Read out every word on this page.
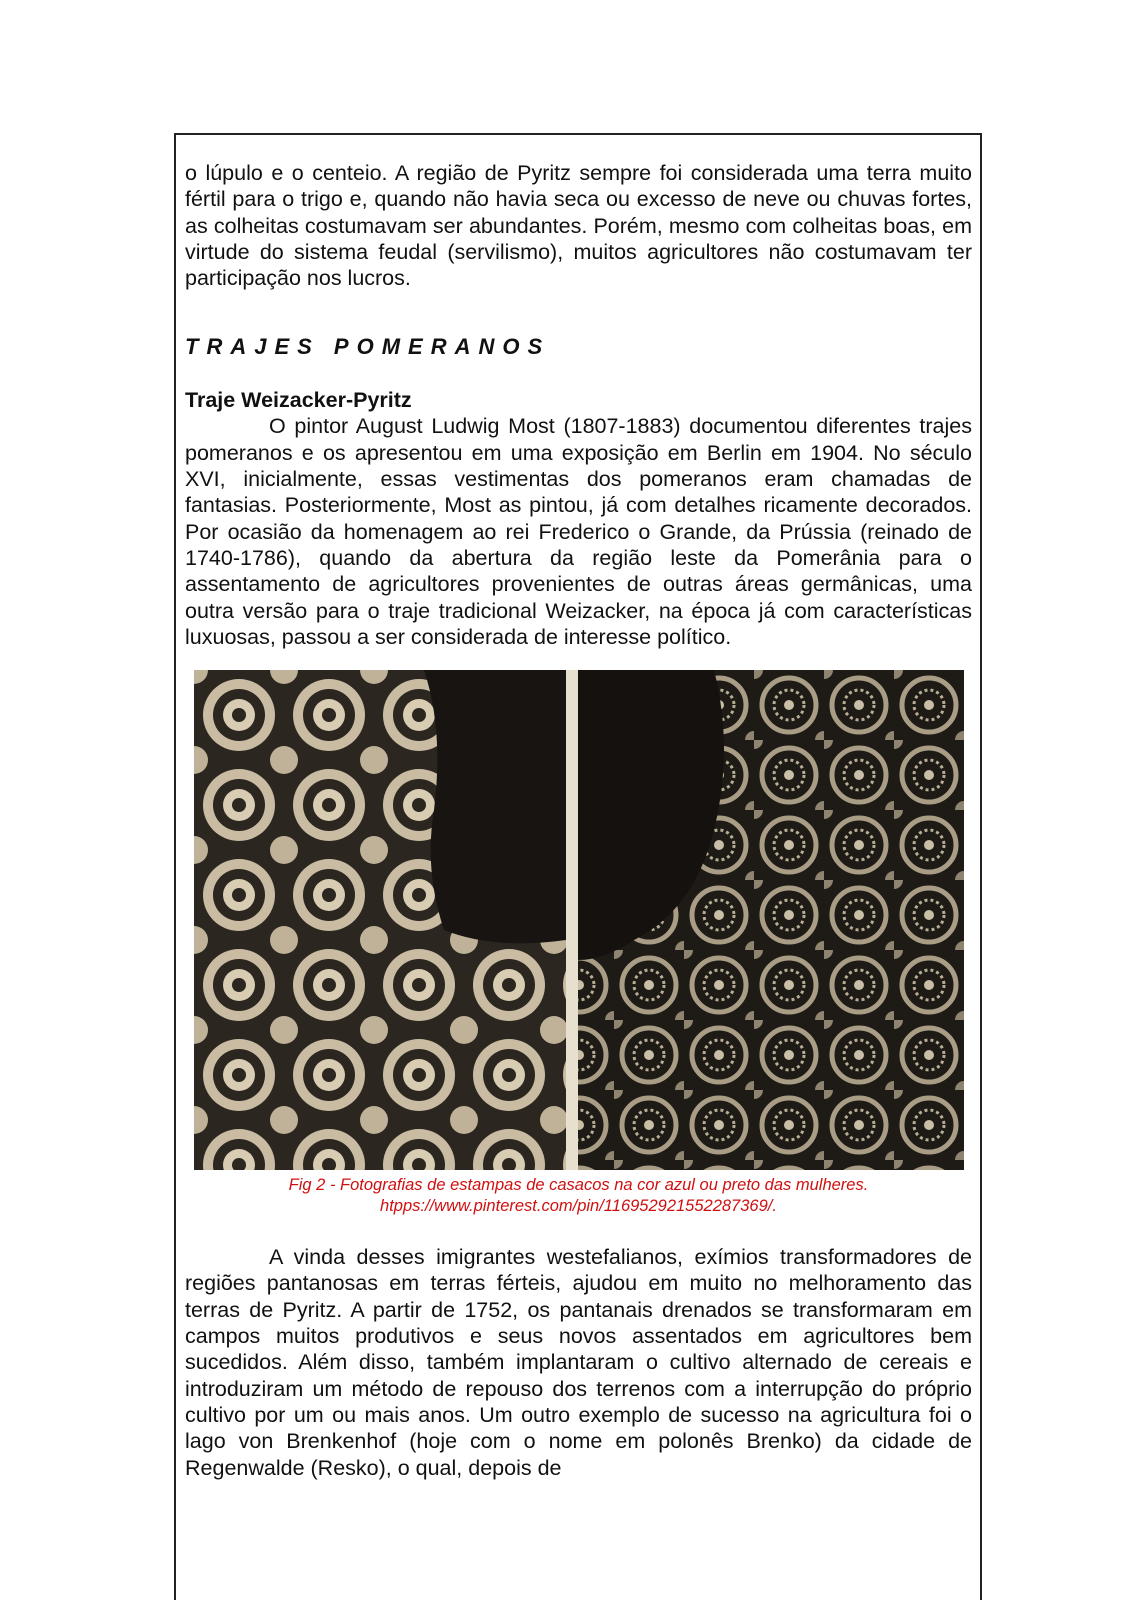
o lúpulo e o centeio. A região de Pyritz sempre foi considerada uma terra muito fértil para o trigo e, quando não havia seca ou excesso de neve ou chuvas fortes, as colheitas costumavam ser abundantes. Porém, mesmo com colheitas boas, em virtude do sistema feudal (servilismo), muitos agricultores não costumavam ter participação nos lucros.

TRAJES POMERANOS
Traje Weizacker-Pyritz

O pintor August Ludwig Most (1807-1883) documentou diferentes trajes pomeranos e os apresentou em uma exposição em Berlin em 1904. No século XVI, inicialmente, essas vestimentas dos pomeranos eram chamadas de fantasias. Posteriormente, Most as pintou, já com detalhes ricamente decorados. Por ocasião da homenagem ao rei Frederico o Grande, da Prússia (reinado de 1740-1786), quando da abertura da região leste da Pomerânia para o assentamento de agricultores provenientes de outras áreas germânicas, uma outra versão para o traje tradicional Weizacker, na época já com características luxuosas, passou a ser considerada de interesse político.

Fig 2 - Fotografias de estampas de casacos na cor azul ou preto das mulheres.
htpps://www.pinterest.com/pin/116952921552287369/.

A vinda desses imigrantes westefalianos, exímios transformadores de regiões pantanosas em terras férteis, ajudou em muito no melhoramento das terras de Pyritz. A partir de 1752, os pantanais drenados se transformaram em campos muitos produtivos e seus novos assentados em agricultores bem sucedidos. Além disso, também implantaram o cultivo alternado de cereais e introduziram um método de repouso dos terrenos com a interrupção do próprio cultivo por um ou mais anos. Um outro exemplo de sucesso na agricultura foi o lago von Brenkenhof (hoje com o nome em polonês Brenko) da cidade de Regenwalde (Resko), o qual, depois de
